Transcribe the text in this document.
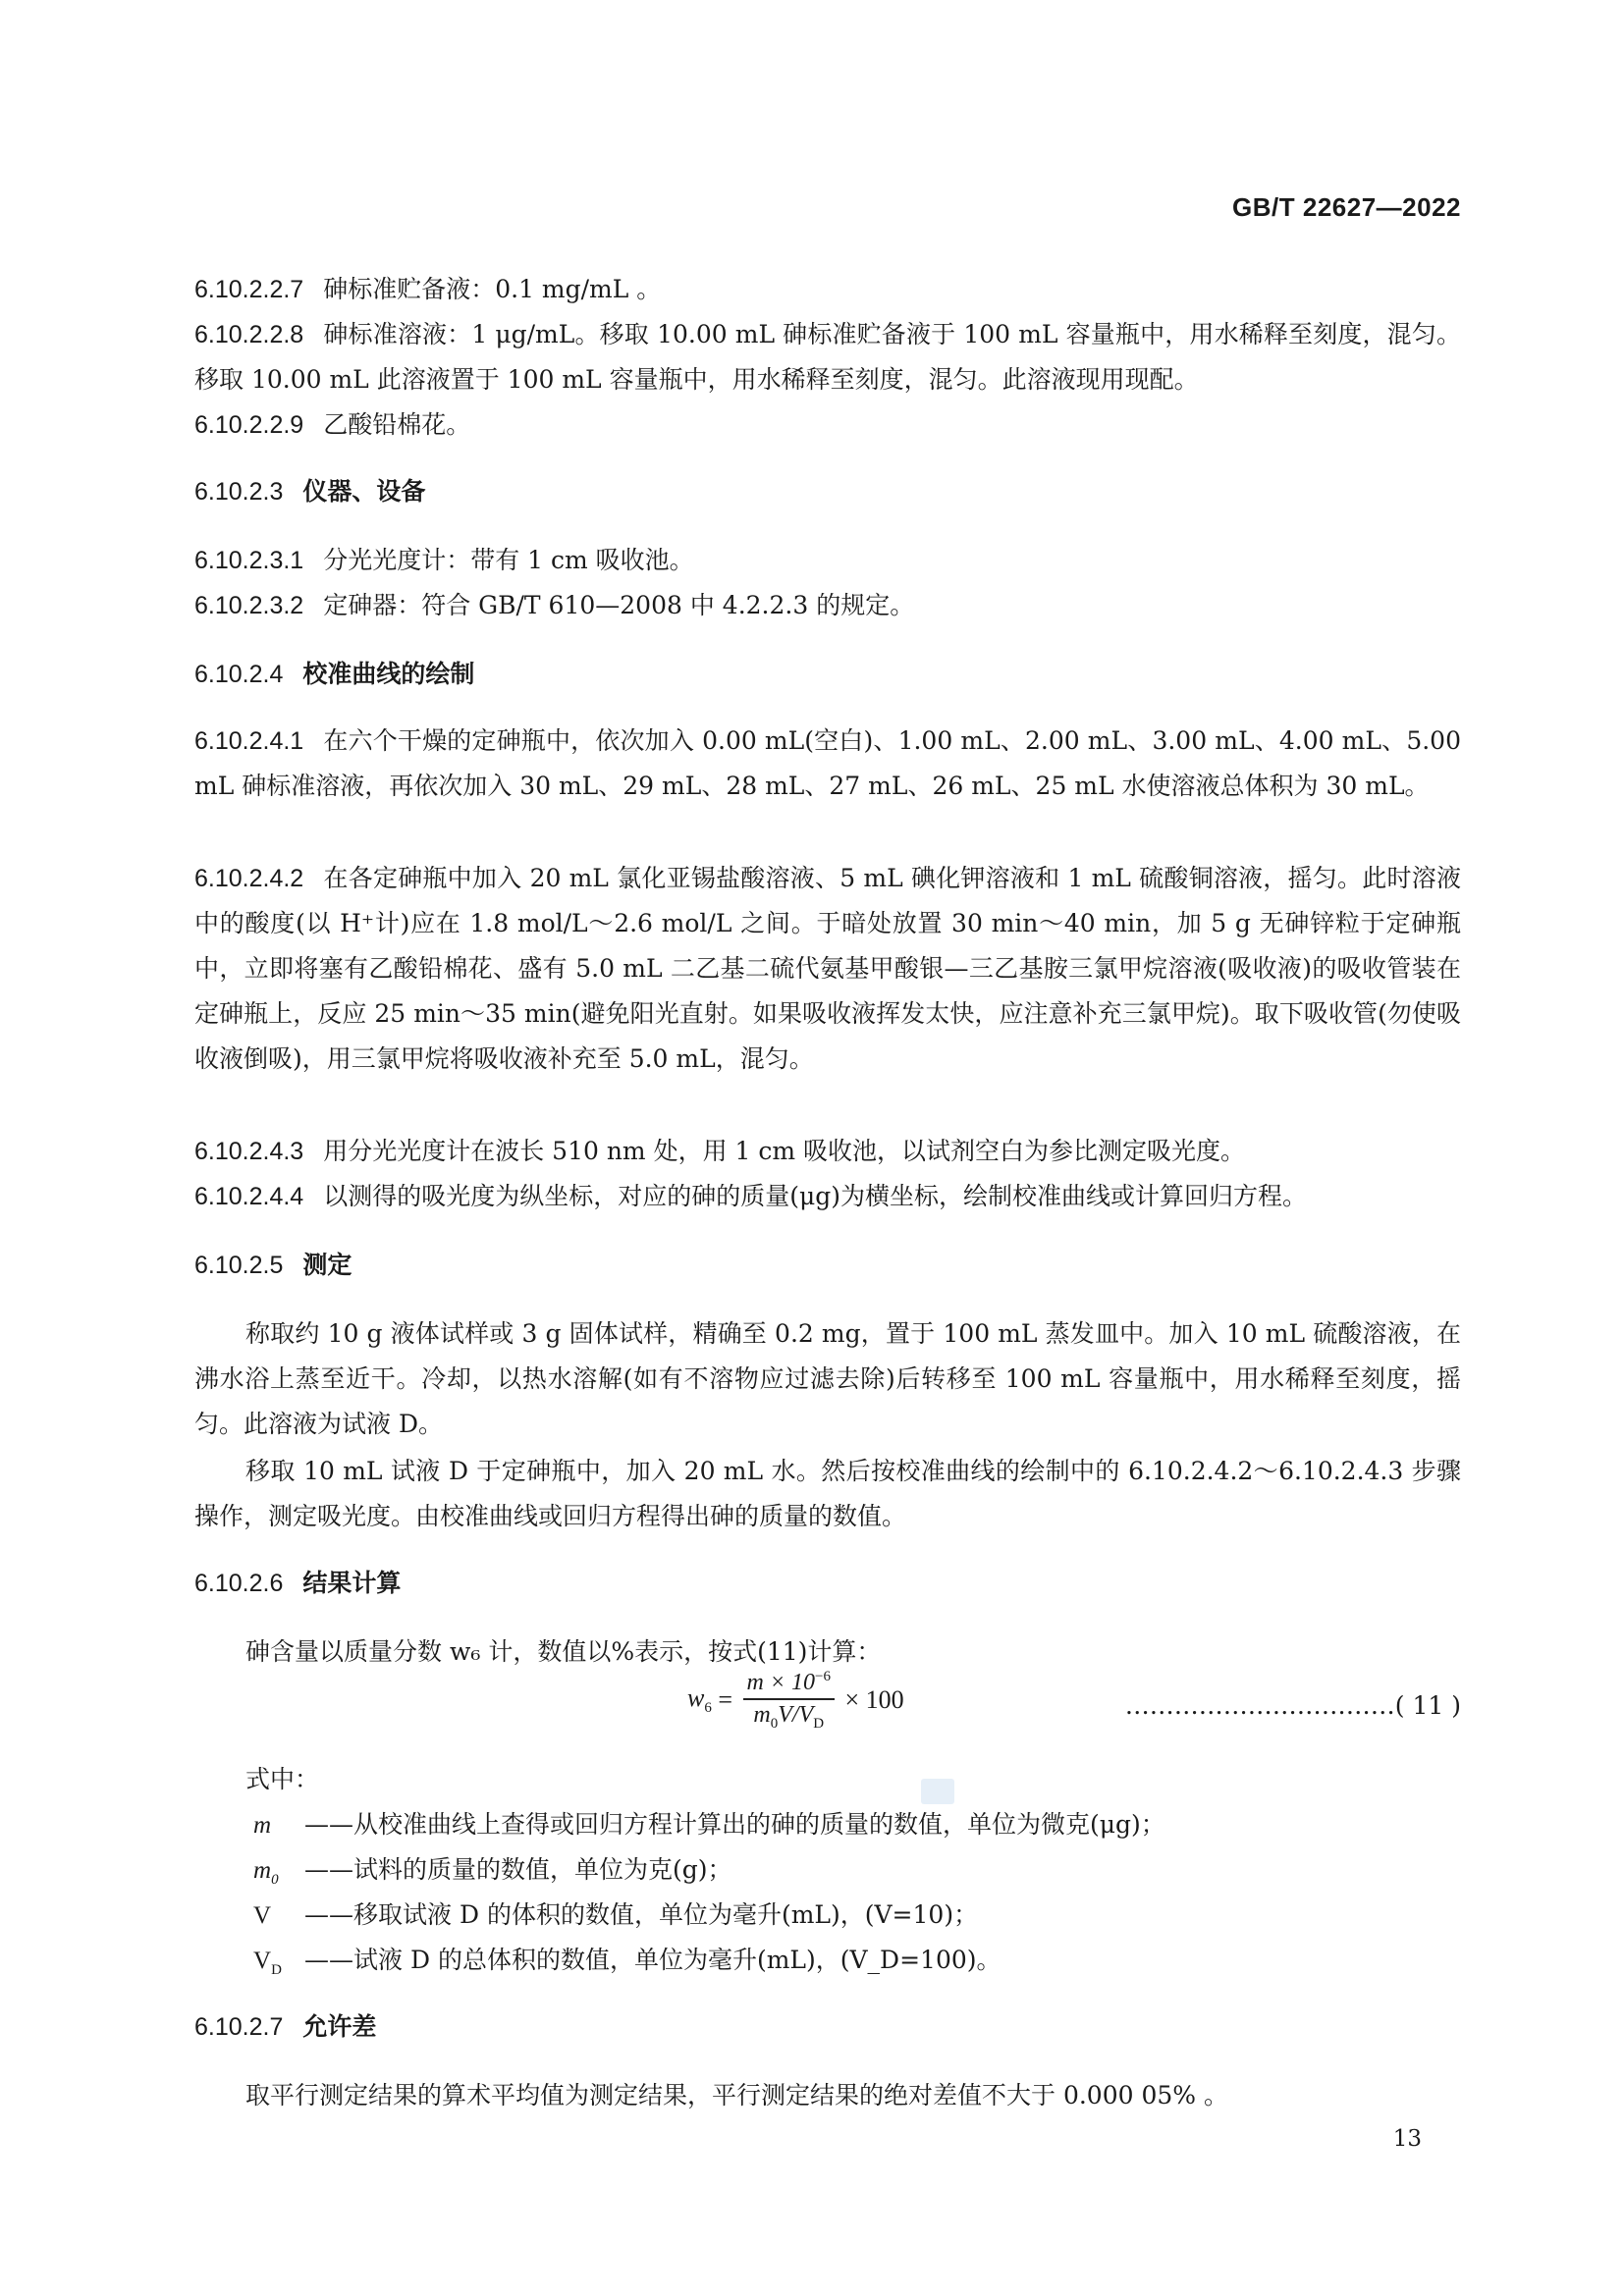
GB/T 22627—2022
6.10.2.2.7 砷标准贮备液：0.1 mg/mL 。
6.10.2.2.8 砷标准溶液：1 μg/mL。移取 10.00 mL 砷标准贮备液于 100 mL 容量瓶中，用水稀释至刻度，混匀。移取 10.00 mL 此溶液置于 100 mL 容量瓶中，用水稀释至刻度，混匀。此溶液现用现配。
6.10.2.2.9 乙酸铅棉花。
6.10.2.3 仪器、设备
6.10.2.3.1 分光光度计：带有 1 cm 吸收池。
6.10.2.3.2 定砷器：符合 GB/T 610—2008 中 4.2.2.3 的规定。
6.10.2.4 校准曲线的绘制
6.10.2.4.1 在六个干燥的定砷瓶中，依次加入 0.00 mL(空白)、1.00 mL、2.00 mL、3.00 mL、4.00 mL、5.00 mL 砷标准溶液，再依次加入 30 mL、29 mL、28 mL、27 mL、26 mL、25 mL 水使溶液总体积为 30 mL。
6.10.2.4.2 在各定砷瓶中加入 20 mL 氯化亚锡盐酸溶液、5 mL 碘化钾溶液和 1 mL 硫酸铜溶液，摇匀。此时溶液中的酸度(以 H⁺计)应在 1.8 mol/L～2.6 mol/L 之间。于暗处放置 30 min～40 min，加 5 g 无砷锌粒于定砷瓶中，立即将塞有乙酸铅棉花、盛有 5.0 mL 二乙基二硫代氨基甲酸银—三乙基胺三氯甲烷溶液(吸收液)的吸收管装在定砷瓶上，反应 25 min～35 min(避免阳光直射。如果吸收液挥发太快，应注意补充三氯甲烷)。取下吸收管(勿使吸收液倒吸)，用三氯甲烷将吸收液补充至 5.0 mL，混匀。
6.10.2.4.3 用分光光度计在波长 510 nm 处，用 1 cm 吸收池，以试剂空白为参比测定吸光度。
6.10.2.4.4 以测得的吸光度为纵坐标，对应的砷的质量(μg)为横坐标，绘制校准曲线或计算回归方程。
6.10.2.5 测定
称取约 10 g 液体试样或 3 g 固体试样，精确至 0.2 mg，置于 100 mL 蒸发皿中。加入 10 mL 硫酸溶液，在沸水浴上蒸至近干。冷却，以热水溶解(如有不溶物应过滤去除)后转移至 100 mL 容量瓶中，用水稀释至刻度，摇匀。此溶液为试液 D。
移取 10 mL 试液 D 于定砷瓶中，加入 20 mL 水。然后按校准曲线的绘制中的 6.10.2.4.2～6.10.2.4.3 步骤操作，测定吸光度。由校准曲线或回归方程得出砷的质量的数值。
6.10.2.6 结果计算
砷含量以质量分数 w₆ 计，数值以%表示，按式(11)计算：
$w_6 = \frac{m \times 10^{-6}}{m_0V/V_D} \times 100$	……………………………( 11 )
式中：
m ——从校准曲线上查得或回归方程计算出的砷的质量的数值，单位为微克(μg)；
$m_0$ ——试料的质量的数值，单位为克(g)；
V ——移取试液 D 的体积的数值，单位为毫升(mL)，(V=10)；
$V_D$ ——试液 D 的总体积的数值，单位为毫升(mL)，(V_D=100)。
6.10.2.7 允许差
取平行测定结果的算术平均值为测定结果，平行测定结果的绝对差值不大于 0.000 05% 。
13
